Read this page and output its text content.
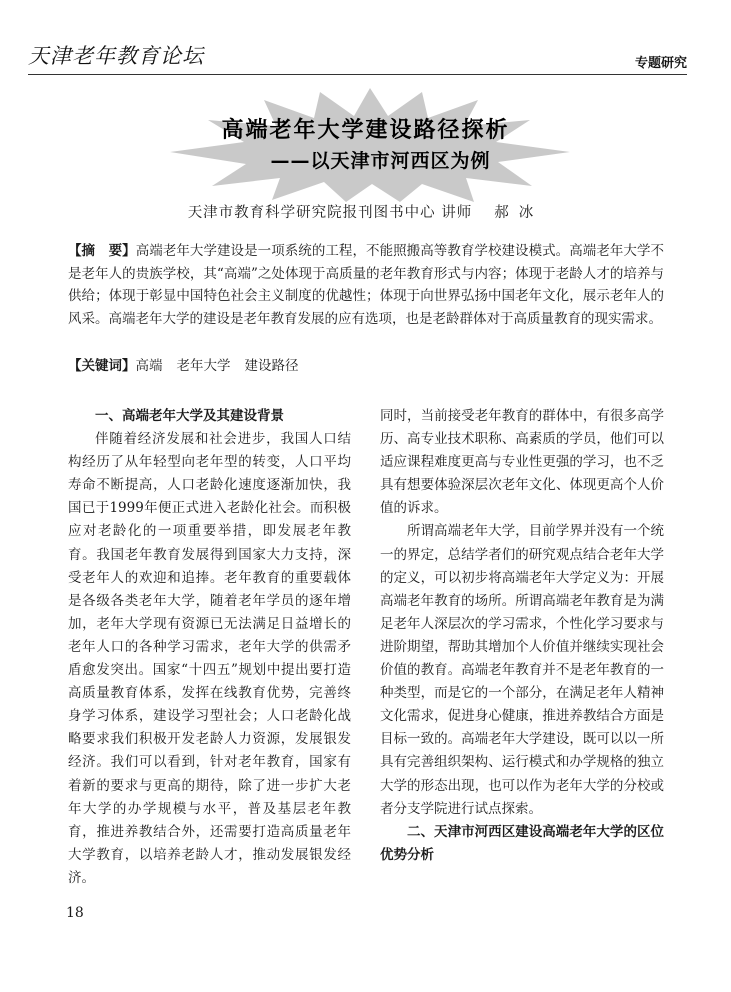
天津老年教育论坛	专题研究
高端老年大学建设路径探析
——以天津市河西区为例
天津市教育科学研究院报刊图书中心 讲师 郝冰

【摘　要】高端老年大学建设是一项系统的工程，不能照搬高等教育学校建设模式。高端老年大学不是老年人的贵族学校，其“高端”之处体现于高质量的老年教育形式与内容；体现于老龄人才的培养与供给；体现于彰显中国特色社会主义制度的优越性；体现于向世界弘扬中国老年文化，展示老年人的风采。高端老年大学的建设是老年教育发展的应有选项，也是老龄群体对于高质量教育的现实需求。

【关键词】高端 老年大学 建设路径

一、高端老年大学及其建设背景

伴随着经济发展和社会进步，我国人口结构经历了从年轻型向老年型的转变，人口平均寿命不断提高，人口老龄化速度逐渐加快，我国已于1999年便正式进入老龄化社会。而积极应对老龄化的一项重要举措，即发展老年教育。我国老年教育发展得到国家大力支持，深受老年人的欢迎和追捧。老年教育的重要载体是各级各类老年大学，随着老年学员的逐年增加，老年大学现有资源已无法满足日益增长的老年人口的各种学习需求，老年大学的供需矛盾愈发突出。国家“十四五”规划中提出要打造高质量教育体系，发挥在线教育优势，完善终身学习体系，建设学习型社会；人口老龄化战略要求我们积极开发老龄人力资源，发展银发经济。我们可以看到，针对老年教育，国家有着新的要求与更高的期待，除了进一步扩大老年大学的办学规模与水平，普及基层老年教育，推进养教结合外，还需要打造高质量老年大学教育，以培养老龄人才，推动发展银发经济。

同时，当前接受老年教育的群体中，有很多高学历、高专业技术职称、高素质的学员，他们可以适应课程难度更高与专业性更强的学习，也不乏具有想要体验深层次老年文化、体现更高个人价值的诉求。

所谓高端老年大学，目前学界并没有一个统一的界定，总结学者们的研究观点结合老年大学的定义，可以初步将高端老年大学定义为：开展高端老年教育的场所。所谓高端老年教育是为满足老年人深层次的学习需求，个性化学习要求与进阶期望，帮助其增加个人价值并继续实现社会价值的教育。高端老年教育并不是老年教育的一种类型，而是它的一个部分，在满足老年人精神文化需求，促进身心健康，推进养教结合方面是目标一致的。高端老年大学建设，既可以以一所具有完善组织架构、运行模式和办学规格的独立大学的形态出现，也可以作为老年大学的分校或者分支学院进行试点探索。

二、天津市河西区建设高端老年大学的区位优势分析

18
